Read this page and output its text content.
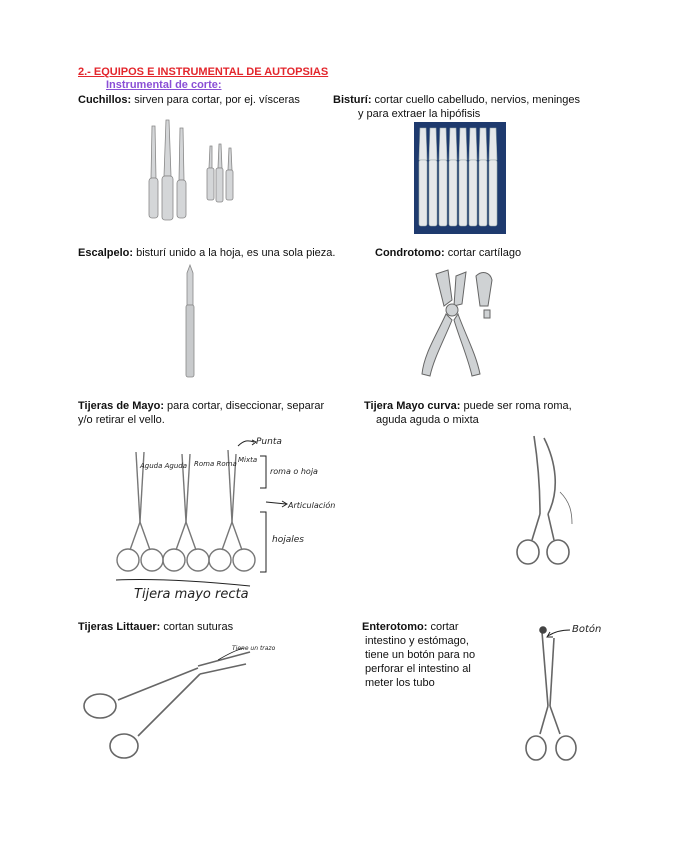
2.- EQUIPOS E INSTRUMENTAL DE AUTOPSIAS
Instrumental de corte:
Cuchillos: sirven para cortar, por ej. vísceras	Bisturí: cortar cuello cabelludo, nervios, meninges
y para extraer la hipófisis
Escalpelo: bisturí unido a la hoja, es una sola pieza.	Condrotomo: cortar cartílago
Tijeras de Mayo: para cortar, diseccionar, separar
y/o retirar el vello.
Tijera Mayo curva: puede ser roma roma,
aguda aguda o mixta
Aguda Aguda Roma Roma Mixta
Punta
roma o hoja
Articulación
hojales
Tijera mayo recta
Tijeras Littauer: cortan suturas	Enterotomo: cortar
intestino y estómago,
tiene un botón para no
perforar el intestino al
meter los tubo
Tiene un trazo
Botón
